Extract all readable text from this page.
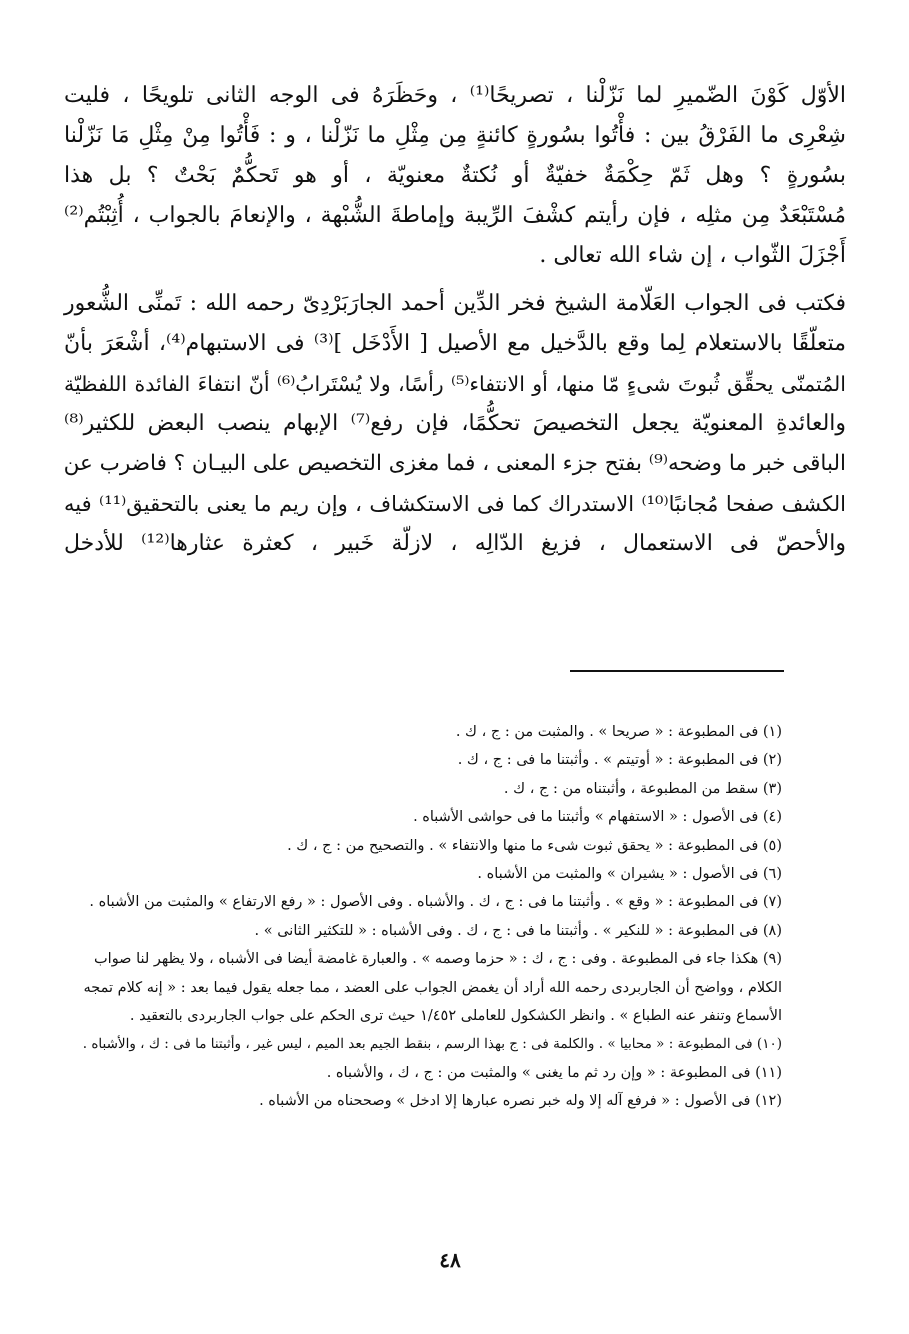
الأوّل كَوْنَ الضّميرِ لما نَزّلْنا ، تصريحًا⁽¹⁾ ، وحَظَرَهُ فى الوجه الثانى تلويحًا ، فليت
شِعْرِى ما الفَرْقُ بين : فأْتُوا بسُورةٍ كائنةٍ مِن مِثْلِ ما نَزّلْنا ، و : فَأْتُوا مِنْ مِثْلِ مَا نَزّلْنا
بسُورةٍ ؟ وهل ثَمّ حِكْمَةٌ خفيّةٌ أو نُكتةٌ معنويّة ، أو هو تَحكُّمٌ بَحْتٌ ؟ بل هذا
مُسْتَبْعَدٌ مِن مثلِه ، فإن رأيتم كشْفَ الرِّيبة وإماطةَ الشُّبْهة ، والإنعامَ بالجواب ، أُثِبْتُم⁽²⁾
أَجْزَلَ الثّواب ، إن شاء الله تعالى .
فكتب فى الجواب العَلّامة الشيخ فخر الدِّين أحمد الجارَبَرْدِىّ رحمه الله : تَمنِّى الشُّعور
متعلّقًا بالاستعلام لِما وقع بالدَّخيل مع الأصيل [ الأَدْخَل ]⁽³⁾ فى الاستبهام⁽⁴⁾، أشْعَرَ بأنّ
المُتمنّى يحقِّق ثُبوتَ شىءٍ مّا منها، أو الانتفاء⁽⁵⁾ رأسًا، ولا يُسْتَرابُ⁽⁶⁾ أنّ انتفاءَ الفائدة اللفظيّة
والعائدةِ المعنويّة يجعل التخصيصَ تحكُّمًا، فإن رفع⁽⁷⁾ الإبهام ينصب البعض للكثير⁽⁸⁾
الباقى خبر ما وضحه⁽⁹⁾ بفتح جزء المعنى ، فما مغزى التخصيص على البيـان ؟ فاضرب عن
الكشف صفحا مُجانبًا⁽¹⁰⁾ الاستدراك كما فى الاستكشاف ، وإن ريم ما يعنى بالتحقيق⁽¹¹⁾ فيه
والأحصّ فى الاستعمال ، فزيغ الدّالِه ، لازلّة خَبير ، كعثرة عثارها⁽¹²⁾ للأدخل
(١) فى المطبوعة : « صريحا » . والمثبت من : ج ، ك .
(٢) فى المطبوعة : « أوتيتم » . وأثبتنا ما فى : ج ، ك .
(٣) سقط من المطبوعة ، وأثبتناه من : ج ، ك .
(٤) فى الأصول : « الاستفهام » وأثبتنا ما فى حواشى الأشباه .
(٥) فى المطبوعة : « يحقق ثبوت شىء ما منها والانتفاء » . والتصحيح من : ج ، ك .
(٦) فى الأصول : « يشيران » والمثبت من الأشباه .
(٧) فى المطبوعة : « وقع » . وأثبتنا ما فى : ج ، ك . والأشباه . وفى الأصول : « رفع الارتفاع » والمثبت من الأشباه .
(٨) فى المطبوعة : « للنكير » . وأثبتنا ما فى : ج ، ك . وفى الأشباه : « للتكثير الثانى » .
(٩) هكذا جاء فى المطبوعة . وفى : ج ، ك : « حزما وصمه » . والعبارة غامضة أيضا فى الأشباه ، ولا يظهر لنا صواب
الكلام ، وواضح أن الجاربردى رحمه الله أراد أن يغمض الجواب على العضد ، مما جعله يقول فيما بعد : « إنه كلام تمجه
الأسماع وتنفر عنه الطباع » . وانظر الكشكول للعاملى ١/٤٥٢ حيث ترى الحكم على جواب الجاربردى بالتعقيد .
(١٠) فى المطبوعة : « محابيا » . والكلمة فى : ج بهذا الرسم ، بنقط الجيم بعد الميم ، ليس غير ، وأثبتنا ما فى : ك ، والأشباه .
(١١) فى المطبوعة : « وإن رد ثم ما يغنى » والمثبت من : ج ، ك ، والأشباه .
(١٢) فى الأصول : « فرفع آله إلا وله خبر نصره عبارها إلا ادخل » وصححناه من الأشباه .
٤٨
